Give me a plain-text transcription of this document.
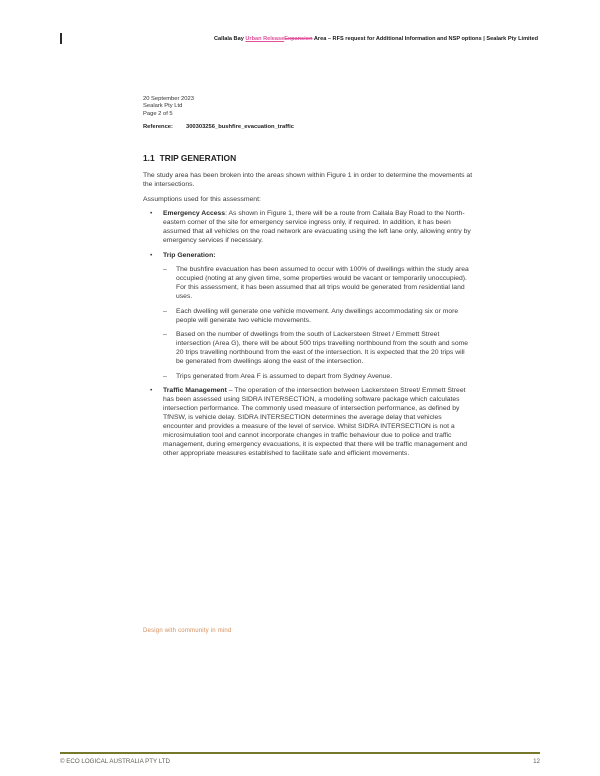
Callala Bay Urban ReleaseExpansion Area – RFS request for Additional Information and NSP options | Sealark Pty Limited
20 September 2023
Sealark Pty Ltd
Page 2 of 5
Reference: 300303256_bushfire_evacuation_traffic
1.1 TRIP GENERATION

The study area has been broken into the areas shown within Figure 1 in order to determine the movements at the intersections.

Assumptions used for this assessment:

•	Emergency Access: As shown in Figure 1, there will be a route from Callala Bay Road to the North-eastern corner of the site for emergency service ingress only, if required. In addition, it has been assumed that all vehicles on the road network are evacuating using the left lane only, allowing entry by emergency services if necessary.
•	Trip Generation:
–	The bushfire evacuation has been assumed to occur with 100% of dwellings within the study area occupied (noting at any given time, some properties would be vacant or temporarily unoccupied). For this assessment, it has been assumed that all trips would be generated from residential land uses.
–	Each dwelling will generate one vehicle movement. Any dwellings accommodating six or more people will generate two vehicle movements.
–	Based on the number of dwellings from the south of Lackersteen Street / Emmett Street intersection (Area G), there will be about 500 trips travelling northbound from the south and some 20 trips travelling northbound from the east of the intersection. It is expected that the 20 trips will be generated from dwellings along the east of the intersection.
–	Trips generated from Area F is assumed to depart from Sydney Avenue.
•	Traffic Management – The operation of the intersection between Lackersteen Street/ Emmett Street has been assessed using SIDRA INTERSECTION, a modelling software package which calculates intersection performance. The commonly used measure of intersection performance, as defined by TfNSW, is vehicle delay. SIDRA INTERSECTION determines the average delay that vehicles encounter and provides a measure of the level of service. Whilst SIDRA INTERSECTION is not a microsimulation tool and cannot incorporate changes in traffic behaviour due to police and traffic management, during emergency evacuations, it is expected that there will be traffic management and other appropriate measures established to facilitate safe and efficient movements.
Design with community in mind
© ECO LOGICAL AUSTRALIA PTY LTD	12
